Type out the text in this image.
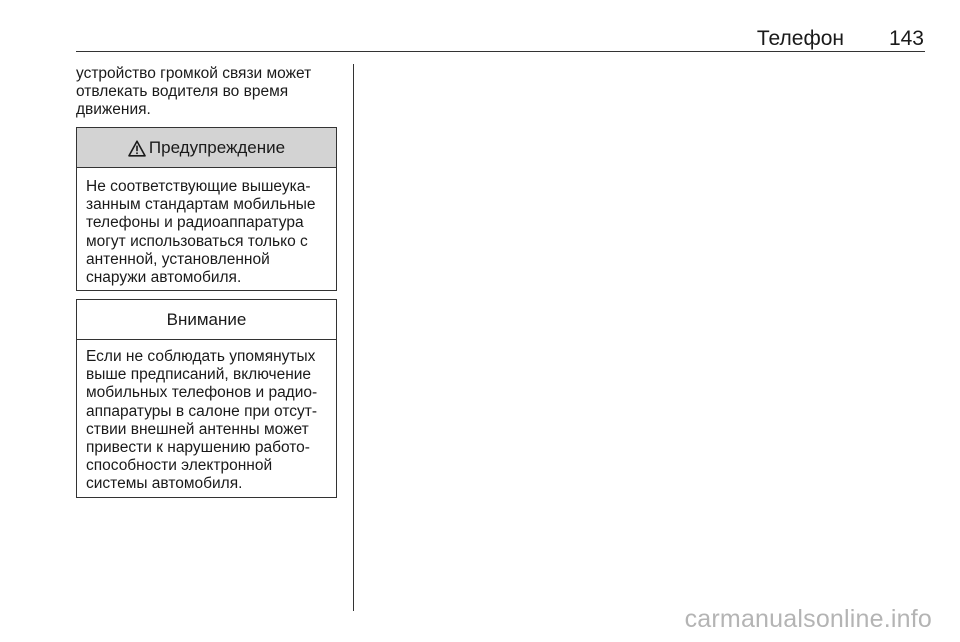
Телефон 143
устройство громкой связи может
отвлекать водителя во время
движения.
Предупреждение
Не соответствующие вышеука-
занным стандартам мобильные
телефоны и радиоаппаратура
могут использоваться только с
антенной, установленной
снаружи автомобиля.
Внимание
Если не соблюдать упомянутых
выше предписаний, включение
мобильных телефонов и радио-
аппаратуры в салоне при отсут-
ствии внешней антенны может
привести к нарушению работо-
способности электронной
системы автомобиля.
carmanualsonline.info
